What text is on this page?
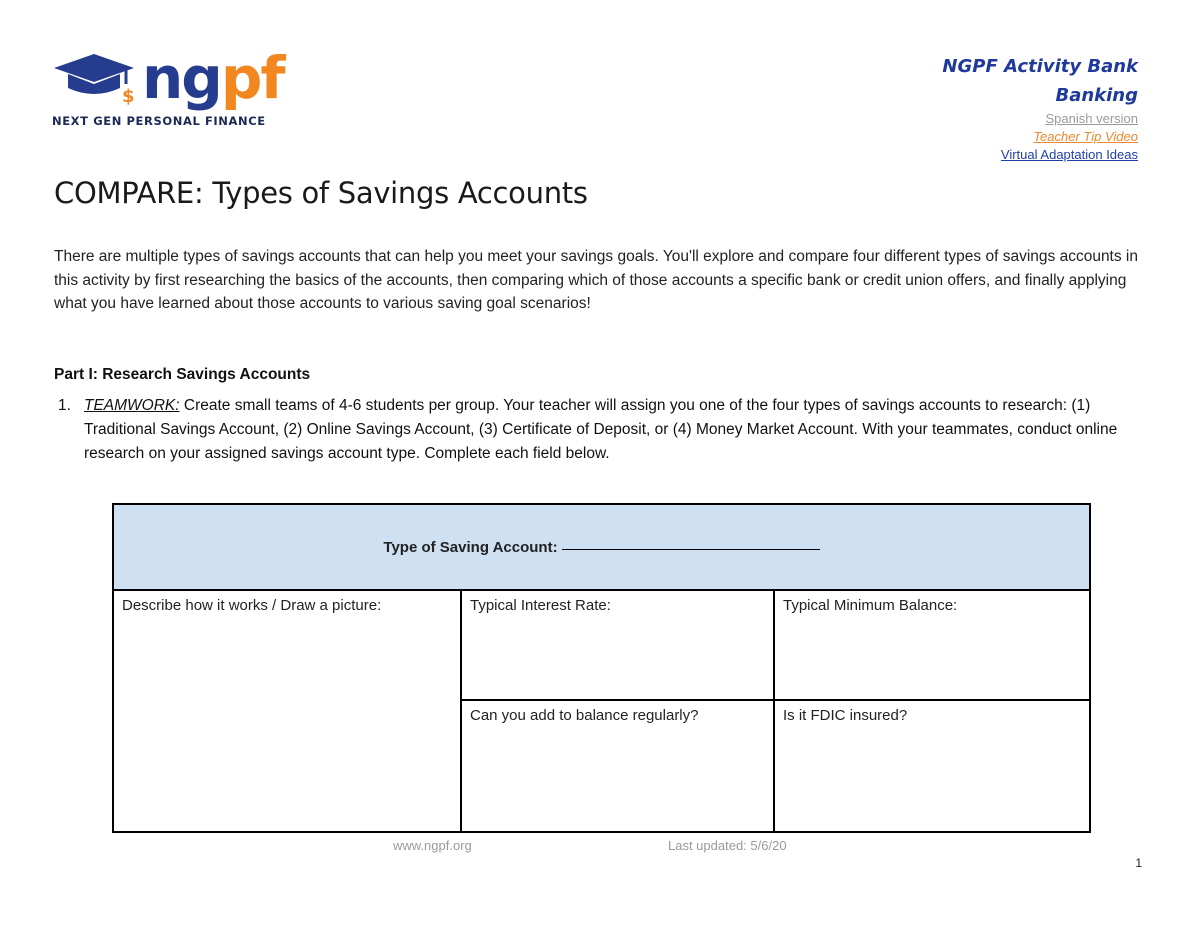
$ ngpf
NEXT GEN PERSONAL FINANCE
NGPF Activity Bank
Banking
Spanish version
Teacher Tip Video
Virtual Adaptation Ideas
COMPARE: Types of Savings Accounts
There are multiple types of savings accounts that can help you meet your savings goals. You'll explore and compare four different types of savings accounts in this activity by first researching the basics of the accounts, then comparing which of those accounts a specific bank or credit union offers, and finally applying what you have learned about those accounts to various saving goal scenarios!
Part I: Research Savings Accounts
1. TEAMWORK: Create small teams of 4-6 students per group. Your teacher will assign you one of the four types of savings accounts to research: (1) Traditional Savings Account, (2) Online Savings Account, (3) Certificate of Deposit, or (4) Money Market Account. With your teammates, conduct online research on your assigned savings account type. Complete each field below.
Type of Saving Account:		
Describe how it works / Draw a picture:	Typical Interest Rate:	Typical Minimum Balance:
	Can you add to balance regularly?	Is it FDIC insured?
www.ngpf.org	Last updated: 5/6/20
1
